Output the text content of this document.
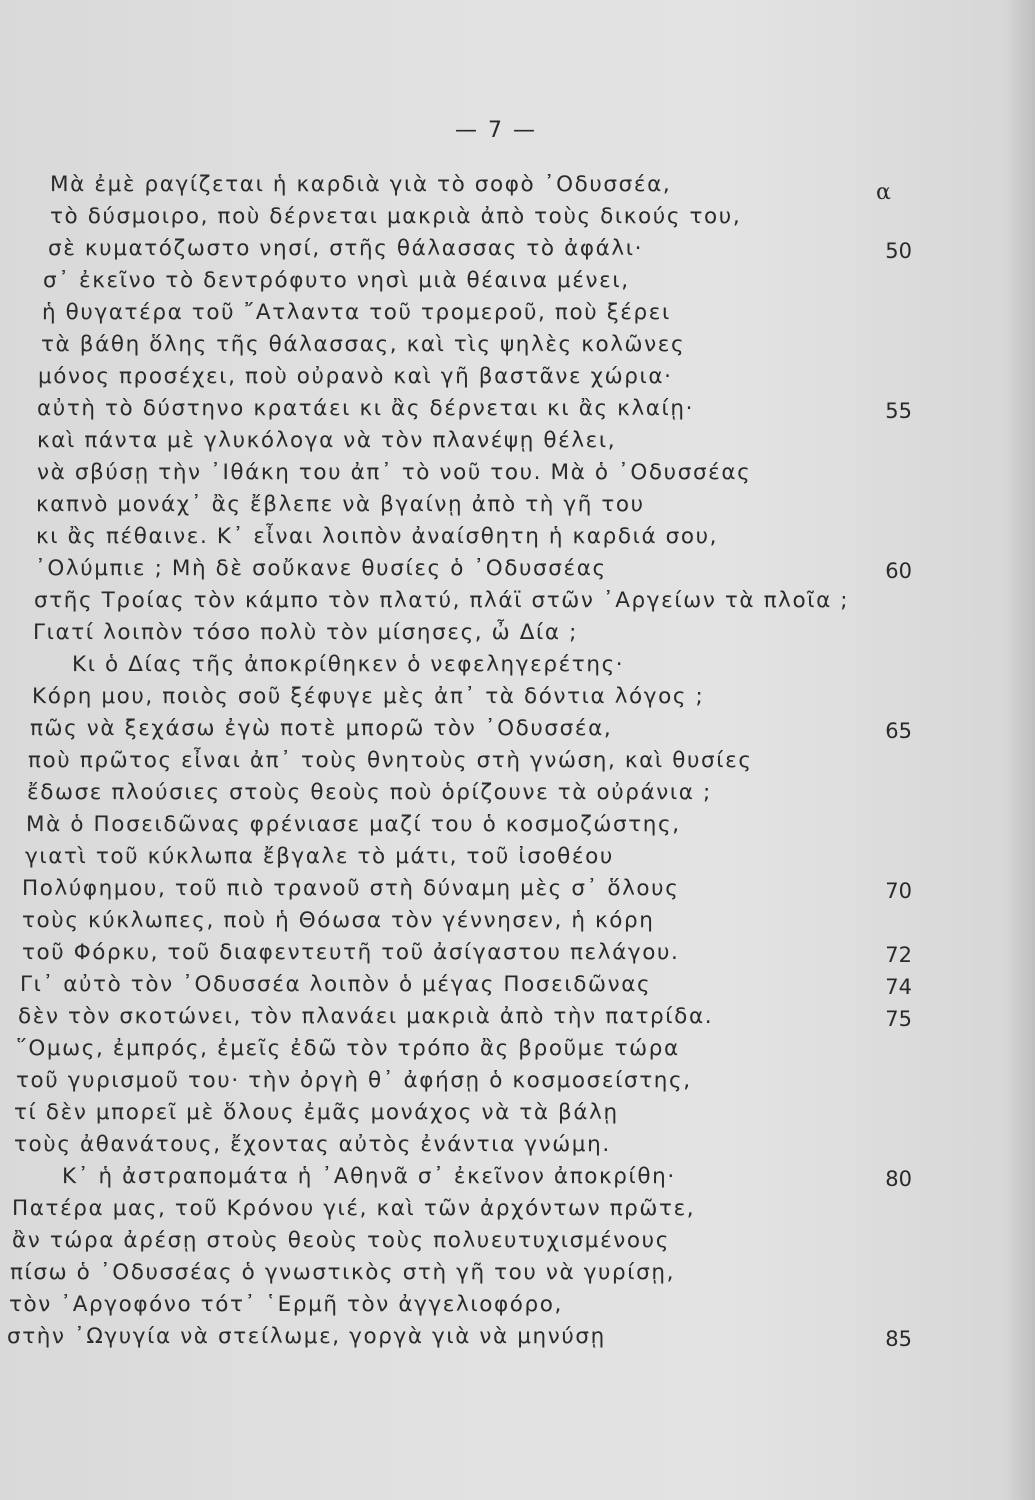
— 7 —
α
Μὰ ἐμὲ ραγίζεται ἡ καρδιὰ γιὰ τὸ σοφὸ ᾿Οδυσσέα,
τὸ δύσμοιρο, ποὺ δέρνεται μακριὰ ἀπὸ τοὺς δικούς του,
σὲ κυματόζωστο νησί, στῆς θάλασσας τὸ ἀφάλι·	50
σ᾿ ἐκεῖνο τὸ δεντρόφυτο νησὶ μιὰ θέαινα μένει,
ἡ θυγατέρα τοῦ ῎Ατλαντα τοῦ τρομεροῦ, ποὺ ξέρει
τὰ βάθη ὅλης τῆς θάλασσας, καὶ τὶς ψηλὲς κολῶνες
μόνος προσέχει, ποὺ οὐρανὸ καὶ γῆ βαστᾶνε χώρια·
αὐτὴ τὸ δύστηνο κρατάει κι ἂς δέρνεται κι ἂς κλαίῃ·	55
καὶ πάντα μὲ γλυκόλογα νὰ τὸν πλανέψῃ θέλει,
νὰ σβύσῃ τὴν ᾿Ιθάκη του ἀπ᾿ τὸ νοῦ του. Μὰ ὁ ᾿Οδυσσέας
καπνὸ μονάχ᾿ ἂς ἔβλεπε νὰ βγαίνῃ ἀπὸ τὴ γῆ του
κι ἂς πέθαινε. Κ᾿ εἶναι λοιπὸν ἀναίσθητη ἡ καρδιά σου,
᾿Ολύμπιε ; Μὴ δὲ σοὔκανε θυσίες ὁ ᾿Οδυσσέας	60
στῆς Τροίας τὸν κάμπο τὸν πλατύ, πλάϊ στῶν ᾿Αργείων τὰ πλοῖα ;
Γιατί λοιπὸν τόσο πολὺ τὸν μίσησες, ὦ Δία ;
Κι ὁ Δίας τῆς ἀποκρίθηκεν ὁ νεφεληγερέτης·
Κόρη μου, ποιὸς σοῦ ξέφυγε μὲς ἀπ᾿ τὰ δόντια λόγος ;
πῶς νὰ ξεχάσω ἐγὼ ποτὲ μπορῶ τὸν ᾿Οδυσσέα,	65
ποὺ πρῶτος εἶναι ἀπ᾿ τοὺς θνητοὺς στὴ γνώση, καὶ θυσίες
ἔδωσε πλούσιες στοὺς θεοὺς ποὺ ὁρίζουνε τὰ οὐράνια ;
Μὰ ὁ Ποσειδῶνας φρένιασε μαζί του ὁ κοσμοζώστης,
γιατὶ τοῦ κύκλωπα ἔβγαλε τὸ μάτι, τοῦ ἰσοθέου
Πολύφημου, τοῦ πιὸ τρανοῦ στὴ δύναμη μὲς σ᾿ ὅλους	70
τοὺς κύκλωπες, ποὺ ἡ Θόωσα τὸν γέννησεν, ἡ κόρη
τοῦ Φόρκυ, τοῦ διαφεντευτῆ τοῦ ἀσίγαστου πελάγου.	72
Γι᾿ αὐτὸ τὸν ᾿Οδυσσέα λοιπὸν ὁ μέγας Ποσειδῶνας	74
δὲν τὸν σκοτώνει, τὸν πλανάει μακριὰ ἀπὸ τὴν πατρίδα.	75
῞Ομως, ἐμπρός, ἐμεῖς ἐδῶ τὸν τρόπο ἂς βροῦμε τώρα
τοῦ γυρισμοῦ του· τὴν ὀργὴ θ᾿ ἀφήσῃ ὁ κοσμοσείστης,
τί δὲν μπορεῖ μὲ ὅλους ἐμᾶς μονάχος νὰ τὰ βάλῃ
τοὺς ἀθανάτους, ἔχοντας αὐτὸς ἐνάντια γνώμη.
Κ᾿ ἡ ἀστραπομάτα ἡ ᾿Αθηνᾶ σ᾿ ἐκεῖνον ἀποκρίθη·	80
Πατέρα μας, τοῦ Κρόνου γιέ, καὶ τῶν ἀρχόντων πρῶτε,
ἂν τώρα ἀρέσῃ στοὺς θεοὺς τοὺς πολυευτυχισμένους
πίσω ὁ ᾿Οδυσσέας ὁ γνωστικὸς στὴ γῆ του νὰ γυρίσῃ,
τὸν ᾿Αργοφόνο τότ᾿ ῾Ερμῆ τὸν ἀγγελιοφόρο,
στὴν ᾿Ωγυγία νὰ στείλωμε, γοργὰ γιὰ νὰ μηνύσῃ	85
